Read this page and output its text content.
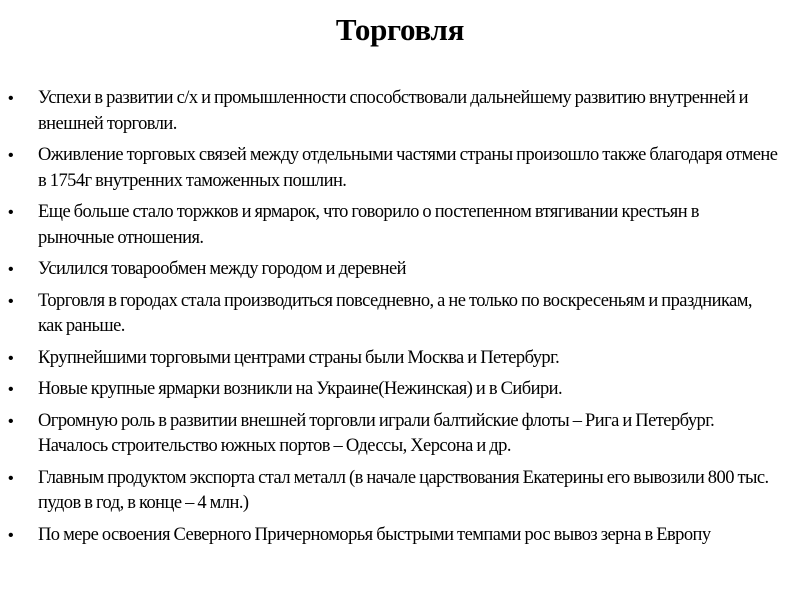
Торговля
• Успехи в развитии с/х и промышленности способствовали дальнейшему развитию внутренней и внешней торговли.
• Оживление торговых связей между отдельными частями страны произошло также благодаря отмене в 1754г внутренних таможенных пошлин.
• Еще больше стало торжков и ярмарок, что говорило о постепенном втягивании крестьян в рыночные отношения.
• Усилился товарообмен между городом и деревней
• Торговля в городах стала производиться повседневно, а не только по воскресеньям и праздникам, как раньше.
• Крупнейшими торговыми центрами страны были Москва и Петербург.
• Новые крупные ярмарки возникли на Украине(Нежинская) и в Сибири.
• Огромную роль в развитии внешней торговли играли балтийские флоты – Рига и Петербург. Началось строительство южных портов – Одессы, Херсона и др.
• Главным продуктом экспорта стал металл (в начале царствования Екатерины его вывозили 800 тыс. пудов в год, в конце – 4 млн.)
• По мере освоения Северного Причерноморья быстрыми темпами рос вывоз зерна в Европу
